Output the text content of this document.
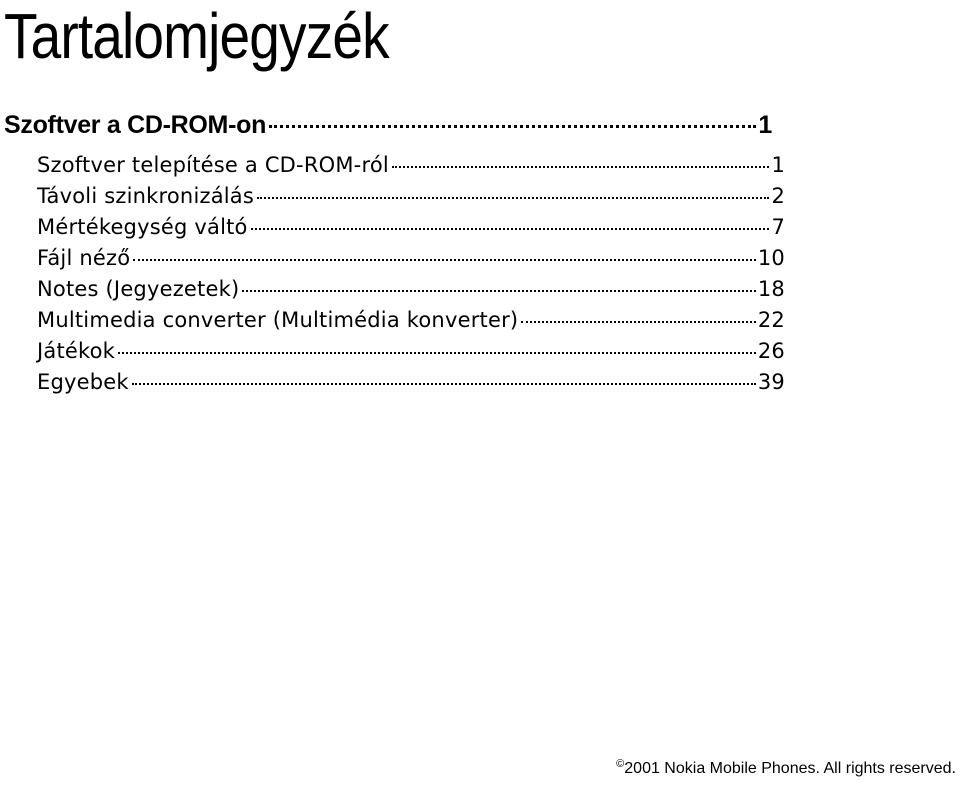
Tartalomjegyzék
Szoftver a CD-ROM-on	1
Szoftver telepítése a CD-ROM-ról	1
Távoli szinkronizálás	2
Mértékegység váltó	7
Fájl néző	10
Notes (Jegyezetek)	18
Multimedia converter (Multimédia konverter)	22
Játékok	26
Egyebek	39
©2001 Nokia Mobile Phones. All rights reserved.
